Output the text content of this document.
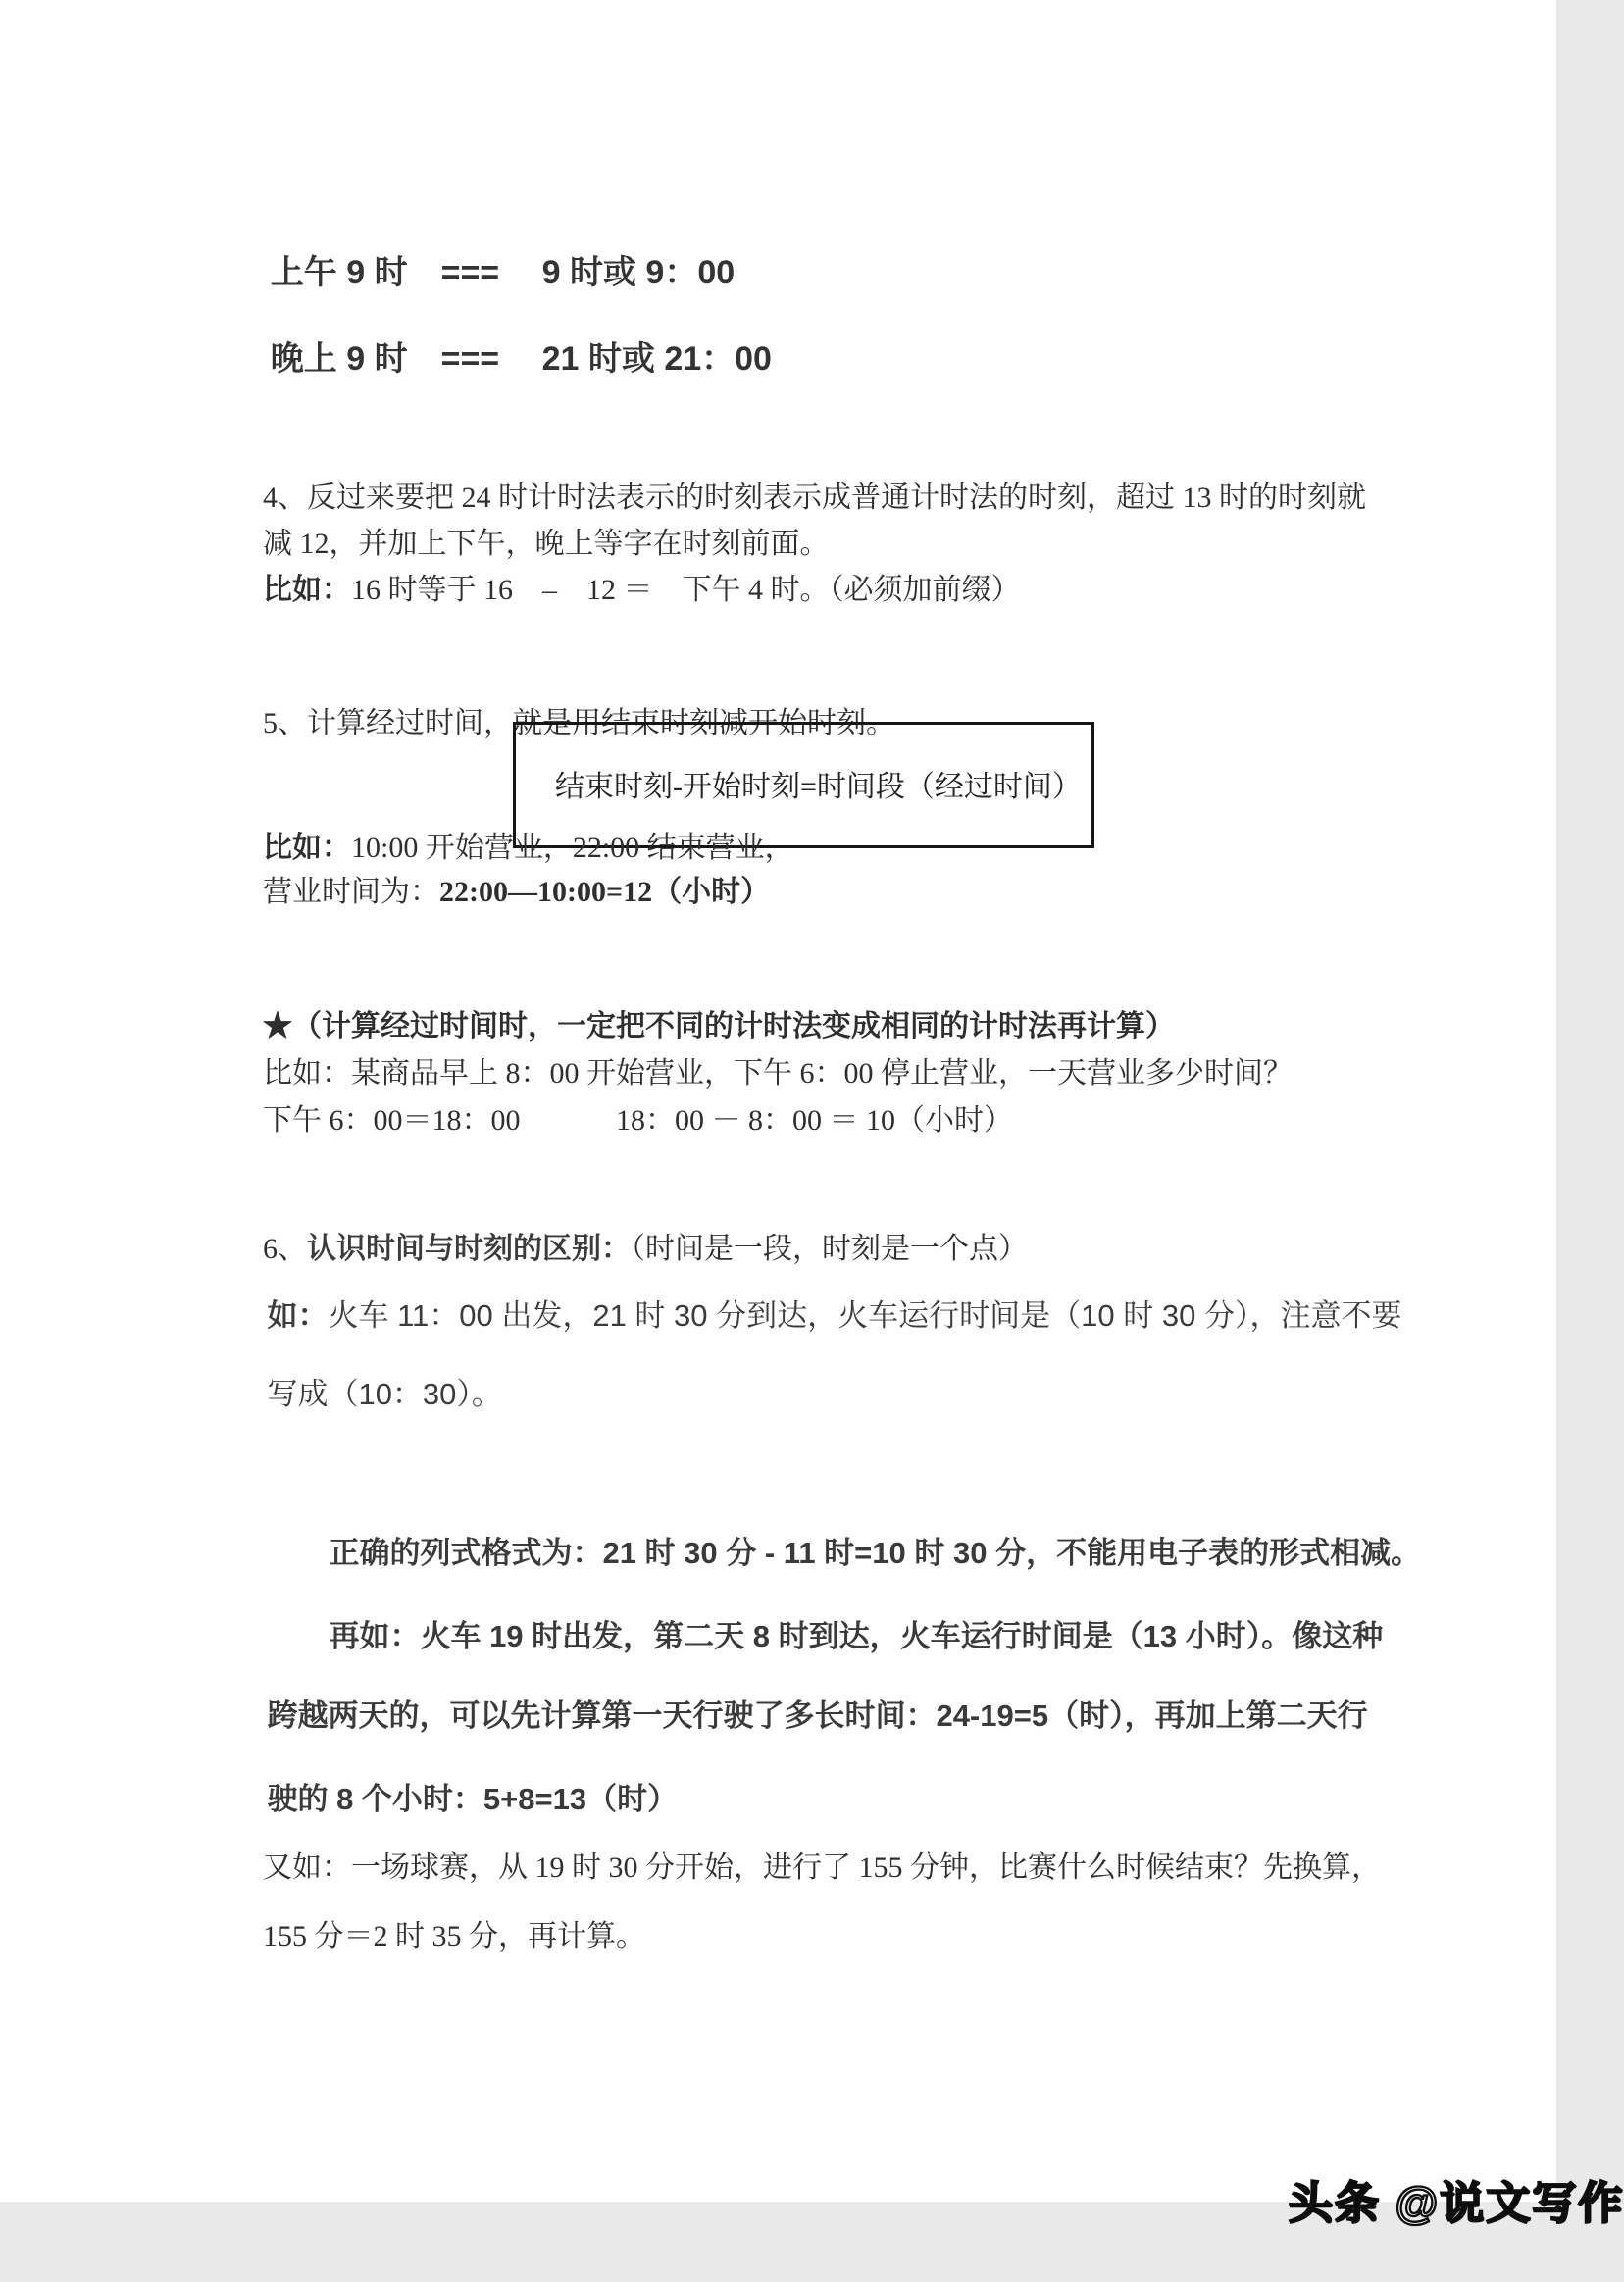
上午 9 时　===　 9 时或 9：00

晚上 9 时　===　 21 时或 21：00

4、反过来要把 24 时计时法表示的时刻表示成普通计时法的时刻，超过 13 时的时刻就

减 12，并加上下午，晚上等字在时刻前面。

比如：16 时等于 16　–　12 ＝　下午 4 时。（必须加前缀）

5、计算经过时间，就是用结束时刻减开始时刻。

结束时刻-开始时刻=时间段（经过时间）

比如：10:00 开始营业，22:00 结束营业，

营业时间为：22:00—10:00=12（小时）

★（计算经过时间时，一定把不同的计时法变成相同的计时法再计算）

比如：某商品早上 8：00 开始营业，下午 6：00 停止营业，一天营业多少时间？

下午 6：00＝18：00　　　 18：00 － 8：00 ＝ 10（小时）

6、认识时间与时刻的区别：（时间是一段，时刻是一个点）

如：火车 11：00 出发，21 时 30 分到达，火车运行时间是（10 时 30 分），注意不要

写成（10：30）。

正确的列式格式为：21 时 30 分 - 11 时=10 时 30 分，不能用电子表的形式相减。

再如：火车 19 时出发，第二天 8 时到达，火车运行时间是（13 小时）。像这种

跨越两天的，可以先计算第一天行驶了多长时间：24-19=5（时），再加上第二天行

驶的 8 个小时：5+8=13（时）

又如：一场球赛，从 19 时 30 分开始，进行了 155 分钟，比赛什么时候结束？先换算，

155 分＝2 时 35 分，再计算。

头条 @说文写作
